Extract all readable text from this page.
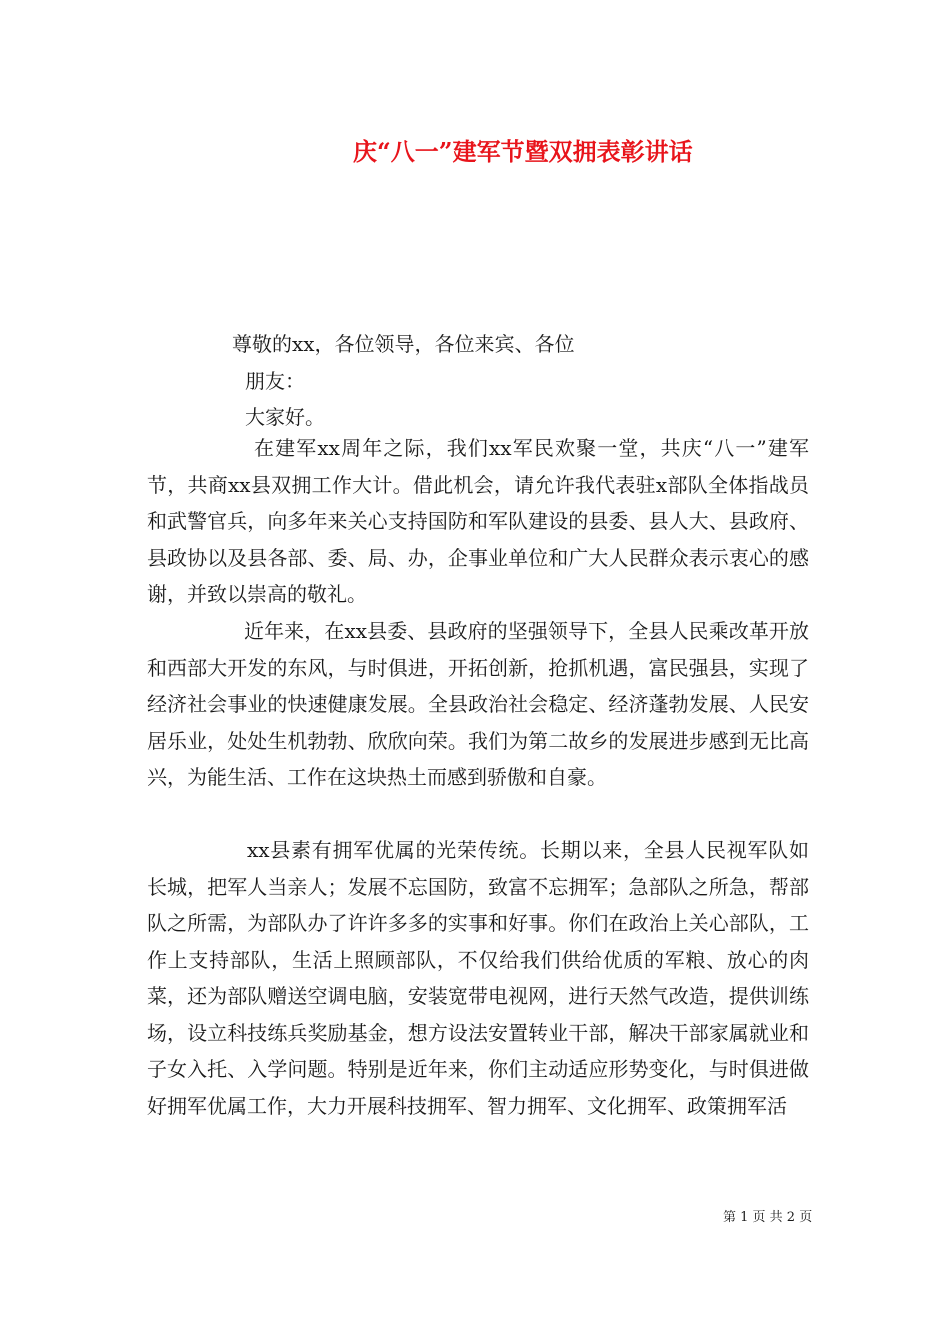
庆“八一”建军节暨双拥表彰讲话
尊敬的xx，各位领导，各位来宾、各位
朋友：
大家好。

在建军xx周年之际，我们xx军民欢聚一堂，共庆“八一”建军节，共商xx县双拥工作大计。借此机会，请允许我代表驻x部队全体指战员和武警官兵，向多年来关心支持国防和军队建设的县委、县人大、县政府、县政协以及县各部、委、局、办，企事业单位和广大人民群众表示衷心的感谢，并致以崇高的敬礼。

近年来，在xx县委、县政府的坚强领导下，全县人民乘改革开放和西部大开发的东风，与时俱进，开拓创新，抢抓机遇，富民强县，实现了经济社会事业的快速健康发展。全县政治社会稳定、经济蓬勃发展、人民安居乐业，处处生机勃勃、欣欣向荣。我们为第二故乡的发展进步感到无比高兴，为能生活、工作在这块热土而感到骄傲和自豪。

xx县素有拥军优属的光荣传统。长期以来，全县人民视军队如长城，把军人当亲人；发展不忘国防，致富不忘拥军；急部队之所急，帮部队之所需，为部队办了许许多多的实事和好事。你们在政治上关心部队，工作上支持部队，生活上照顾部队，不仅给我们供给优质的军粮、放心的肉菜，还为部队赠送空调电脑，安装宽带电视网，进行天然气改造，提供训练场，设立科技练兵奖励基金，想方设法安置转业干部，解决干部家属就业和子女入托、入学问题。特别是近年来，你们主动适应形势变化，与时俱进做好拥军优属工作，大力开展科技拥军、智力拥军、文化拥军、政策拥军活

第 1 页 共 2 页
